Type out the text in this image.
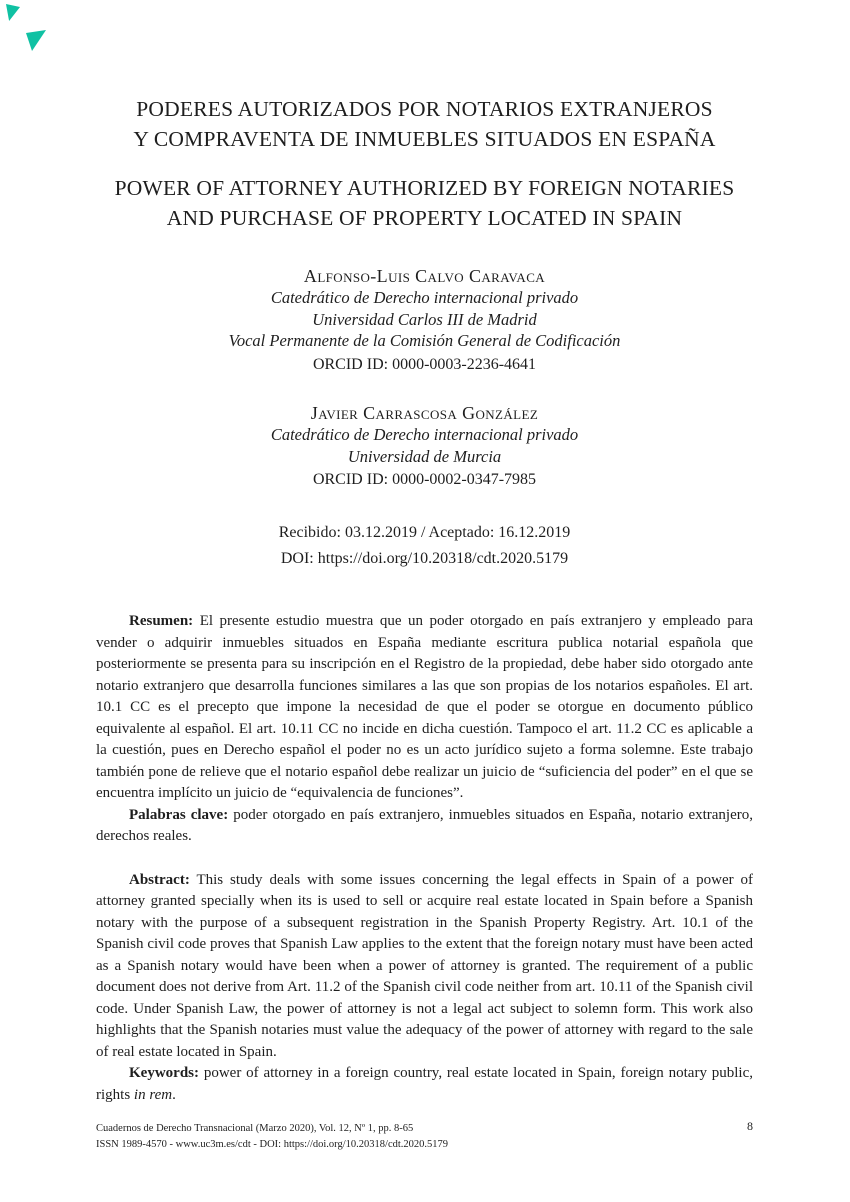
PODERES AUTORIZADOS POR NOTARIOS EXTRANJEROS
Y COMPRAVENTA DE INMUEBLES SITUADOS EN ESPAÑA
POWER OF ATTORNEY AUTHORIZED BY FOREIGN NOTARIES
AND PURCHASE OF PROPERTY LOCATED IN SPAIN
Alfonso-Luis Calvo Caravaca
Catedrático de Derecho internacional privado
Universidad Carlos III de Madrid
Vocal Permanente de la Comisión General de Codificación
ORCID ID: 0000-0003-2236-4641
Javier Carrascosa González
Catedrático de Derecho internacional privado
Universidad de Murcia
ORCID ID: 0000-0002-0347-7985
Recibido: 03.12.2019 / Aceptado: 16.12.2019
DOI: https://doi.org/10.20318/cdt.2020.5179

Resumen: El presente estudio muestra que un poder otorgado en país extranjero y empleado para vender o adquirir inmuebles situados en España mediante escritura publica notarial española que posteriormente se presenta para su inscripción en el Registro de la propiedad, debe haber sido otorgado ante notario extranjero que desarrolla funciones similares a las que son propias de los notarios españoles. El art. 10.1 CC es el precepto que impone la necesidad de que el poder se otorgue en documento público equivalente al español. El art. 10.11 CC no incide en dicha cuestión. Tampoco el art. 11.2 CC es aplicable a la cuestión, pues en Derecho español el poder no es un acto jurídico sujeto a forma solemne. Este trabajo también pone de relieve que el notario español debe realizar un juicio de “suficiencia del poder” en el que se encuentra implícito un juicio de “equivalencia de funciones”.

Palabras clave: poder otorgado en país extranjero, inmuebles situados en España, notario extranjero, derechos reales.

Abstract: This study deals with some issues concerning the legal effects in Spain of a power of attorney granted specially when its is used to sell or acquire real estate located in Spain before a Spanish notary with the purpose of a subsequent registration in the Spanish Property Registry. Art. 10.1 of the Spanish civil code proves that Spanish Law applies to the extent that the foreign notary must have been acted as a Spanish notary would have been when a power of attorney is granted. The requirement of a public document does not derive from Art. 11.2 of the Spanish civil code neither from art. 10.11 of the Spanish civil code. Under Spanish Law, the power of attorney is not a legal act subject to solemn form. This work also highlights that the Spanish notaries must value the adequacy of the power of attorney with regard to the sale of real estate located in Spain.

Keywords: power of attorney in a foreign country, real estate located in Spain, foreign notary public, rights in rem.

Cuadernos de Derecho Transnacional (Marzo 2020), Vol. 12, Nº 1, pp. 8-65
ISSN 1989-4570 - www.uc3m.es/cdt - DOI: https://doi.org/10.20318/cdt.2020.5179
8
